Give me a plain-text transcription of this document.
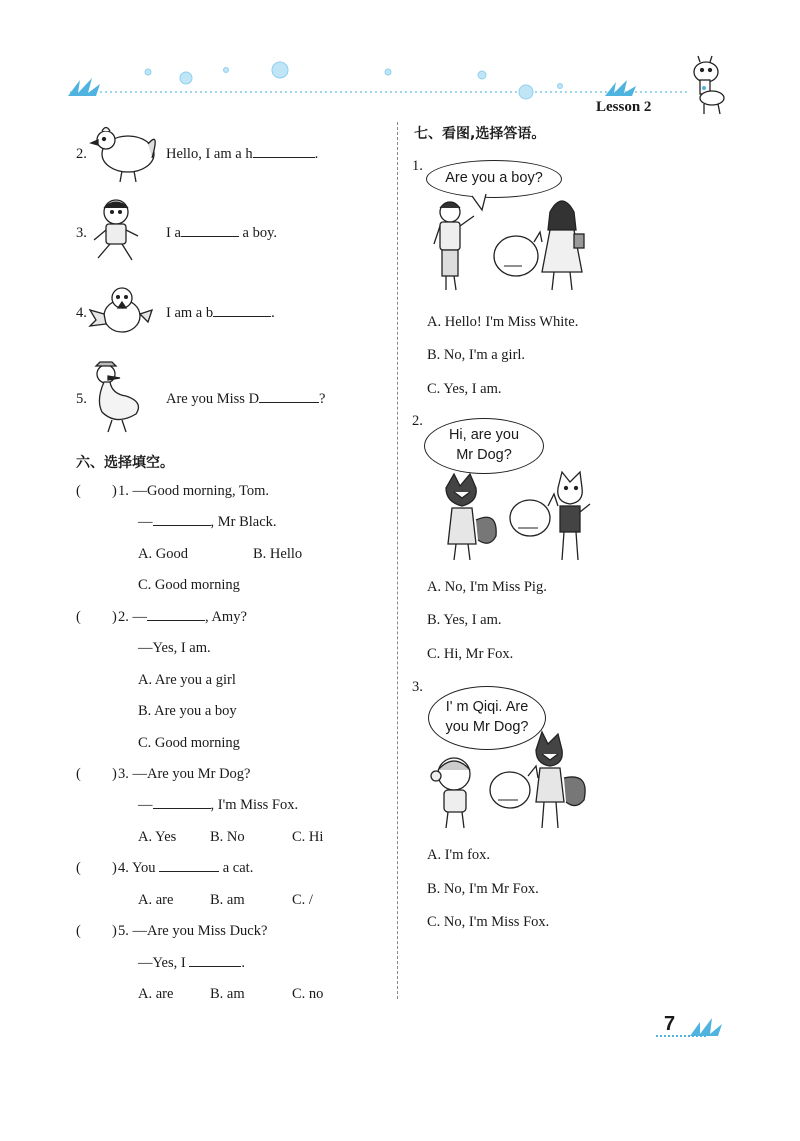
Lesson 2
2.	Hello, I am a h	.
3.	I a	a boy.
4.	I am a b	.
5.	Are you Miss D	?
六、选择填空。
( ) 1. —Good morning, Tom.
—	, Mr Black.
A. Good	B. Hello
C. Good morning
( ) 2. —	, Amy?
—Yes, I am.
A. Are you a girl
B. Are you a boy
C. Good morning
( ) 3. —Are you Mr Dog?
—	, I'm Miss Fox.
A. Yes B. No	C. Hi
( ) 4. You	a cat.
A. are	B. am	C. /
( ) 5. —Are you Miss Duck?
—Yes, I	.
A. are	B. am	C. no
七、看图,选择答语。
1.
Are you a boy?
A. Hello! I'm Miss White.
B. No, I'm a girl.
C. Yes, I am.
2.
Hi, are you
Mr Dog?
A. No, I'm Miss Pig.
B. Yes, I am.
C. Hi, Mr Fox.
3.
I' m Qiqi. Are
you Mr Dog?
A. I'm fox.
B. No, I'm Mr Fox.
C. No, I'm Miss Fox.
7
